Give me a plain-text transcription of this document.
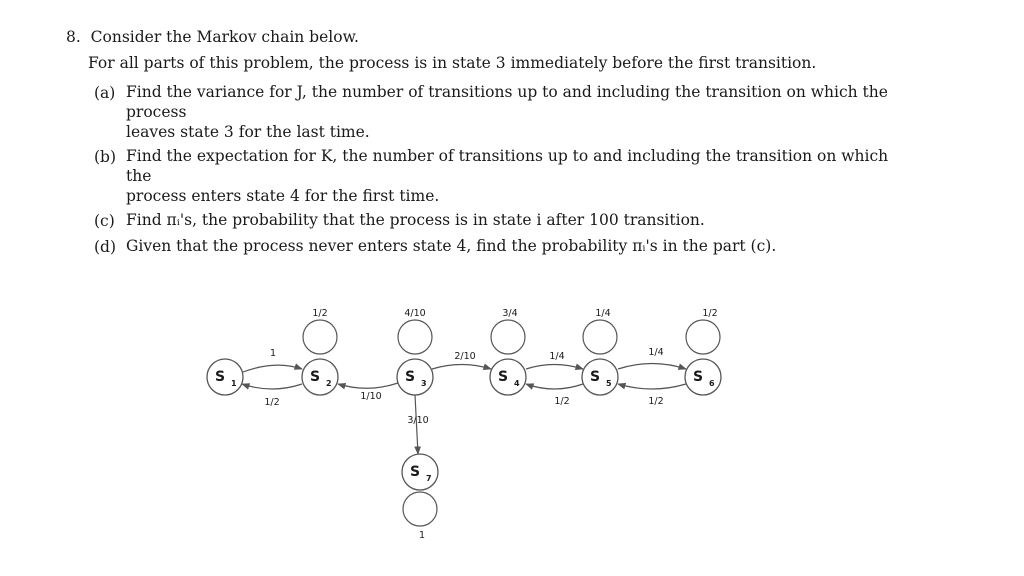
8. Consider the Markov chain below.
For all parts of this problem, the process is in state 3 immediately before the first transition.
(a) Find the variance for J, the number of transitions up to and including the transition on which the process
leaves state 3 for the last time.
(b) Find the expectation for K, the number of transitions up to and including the transition on which the
process enters state 4 for the first time.
(c) Find πᵢ's, the probability that the process is in state i after 100 transition.
(d) Given that the process never enters state 4, find the probability πᵢ's in the part (c).
S 1	S 2	S 3	S 4	S 5	S 6
S 7
1
1/2
1/2
1/10
4/10
2/10
3/10
3/4
1/4
1/2
1/4
1/4
1/2
1/2
1
